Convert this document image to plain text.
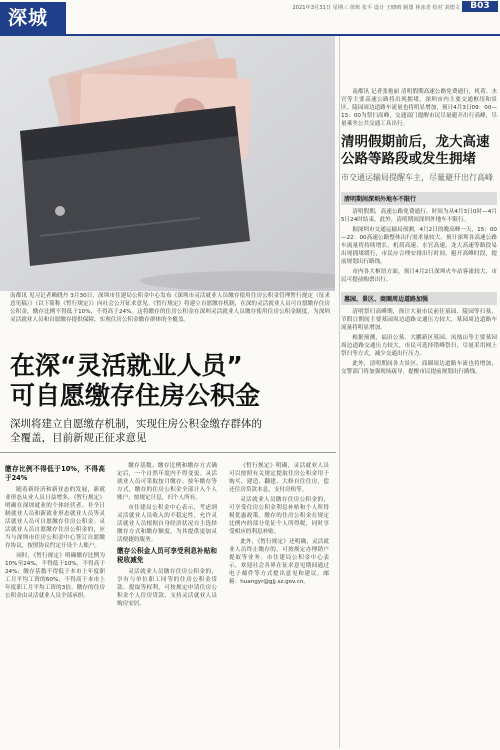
深城	2021年3月31日 星期三 值班 张平 设计 王晓晴 制图 林冰青 校对 刘德文	B03
南都讯 见习记者赖晓丹 3月30日，深圳市住建局公积金中心发布《深圳市灵活就业人员缴存使用住房公积金管理暂行规定（征求意见稿）》（以下简称《暂行规定》）向社会公开征求意见。《暂行规定》将建立自愿缴存机制，在深的灵活就业人员可自愿缴存住房公积金，缴存比例不得低于10%，不得高于24%。这将缴存的住房公积金在深圳灵活就业人员缴存使用住房公积金制度，为深圳灵活就业人员和自愿缴存提供保障，实现住房公积金缴存群体的全覆盖。
在深“灵活就业人员”
可自愿缴存住房公积金
深圳将建立自愿缴存机制，实现住房公积金缴存群体的
全覆盖，目前新规正征求意见
缴存比例不得低于10%，不得高于24%

随着新经济和新业态的发展，新就业形态从业人员日益增多，《暂行规定》明确在深圳就业的个体经营者、非全日制就业人员和新就业形态就业人员等灵活就业人员可自愿缴存住房公积金。灵活就业人员自愿缴存住房公积金的，应当与深圳市住房公积金中心签订自愿缴存协议，按照协议约定开设个人账户。

同时，《暂行规定》明确缴存比例为10%至24%，不得低于10%，不得高于24%；缴存基数不得低于本市上年度职工月平均工资的60%，不得高于本市上年度职工月平均工资的3倍。缴存的住房公积金由灵活就业人员全部承担。

缴存基数、缴存比例和缴存方式确定后，一个自然年度内不得变更。灵活就业人员可采取按月缴存、按年缴存等方式，缴存的住房公积金全部计入个人账户，按规定计息，归个人所有。

市住建局公积金中心表示，考虑到灵活就业人员收入的不稳定性，允许灵活就业人员根据自身经济状况自主选择缴存方式和缴存额度，为其提供更加灵活便捷的服务。

缴存公积金人员可享受利息补贴和税收减免

灵活就业人员缴存住房公积金的，享有与单位职工同等的住房公积金贷款、提取等权利，可按规定申请住房公积金个人住房贷款，支持灵活就业人员购房安居。

《暂行规定》明确，灵活就业人员可以按照有关规定提取住房公积金用于购买、建造、翻建、大修自住住房，偿还住房贷款本息，支付房租等。

灵活就业人员缴存住房公积金的，可享受住房公积金利息补贴和个人所得税优惠政策。缴存的住房公积金在规定比例内的部分免征个人所得税，同时享受相应的利息补贴。

此外，《暂行规定》还明确，灵活就业人员终止缴存的，可按规定办理销户提取等业务。市住建局公积金中心表示，欢迎社会各界在征求意见期间通过电子邮件等方式提出意见和建议，邮箱：huangyr@gjj.sz.gov.cn。

南都讯 记者张艳丽 清明假期高速公路免费通行，机荷、水官等主要高速公路将出现拥堵，深圳市内主要交通枢纽和景区、陵园周边道路车流量也将明显增加，预计4月3日09：00—13：00为祭扫高峰，交通部门提醒市民尽量避开出行高峰，尽量乘坐公共交通工具出行。

清明假期前后，龙大高速公路等路段或发生拥堵
市交通运输局提醒车主，尽量避开出行高峰
清明期间深圳外地车不限行

清明假期，高速公路免费通行，时间为从4月3日0时—4月5日24时结束，此外，清明期间深圳外地车不限行。

据深圳市交通运输局预测，4月2日的晚高峰一天，15：00—22：00高速公路整体出行需求量较大。预计深圳各高速公路车流量将持续增长，机荷高速、水官高速、龙大高速等路段易出现拥堵缓行，市民应合理安排出行时间，避开高峰时段，提前规划出行路线。

市内各大枢纽方面，预计4月2日深圳火车站客流较大，市民可提前购票出行。

墓园、景区、商圈周边道路加强

清明祭扫高峰期，预计大量市民前往墓园、陵园等扫墓，节假日期间主要墓园周边道路交通压力较大，墓园周边道路车流量将明显增加。

根据预测，福田公墓、大鹏新区墓园、凤凰山等主要墓园周边道路交通压力较大，市民可选择错峰祭扫，尽量采用网上祭扫等方式，减少交通出行压力。

此外，清明期间各大景区、商圈周边道路车流也将增加，交警部门将加强现场疏导，提醒市民提前规划出行路线。
